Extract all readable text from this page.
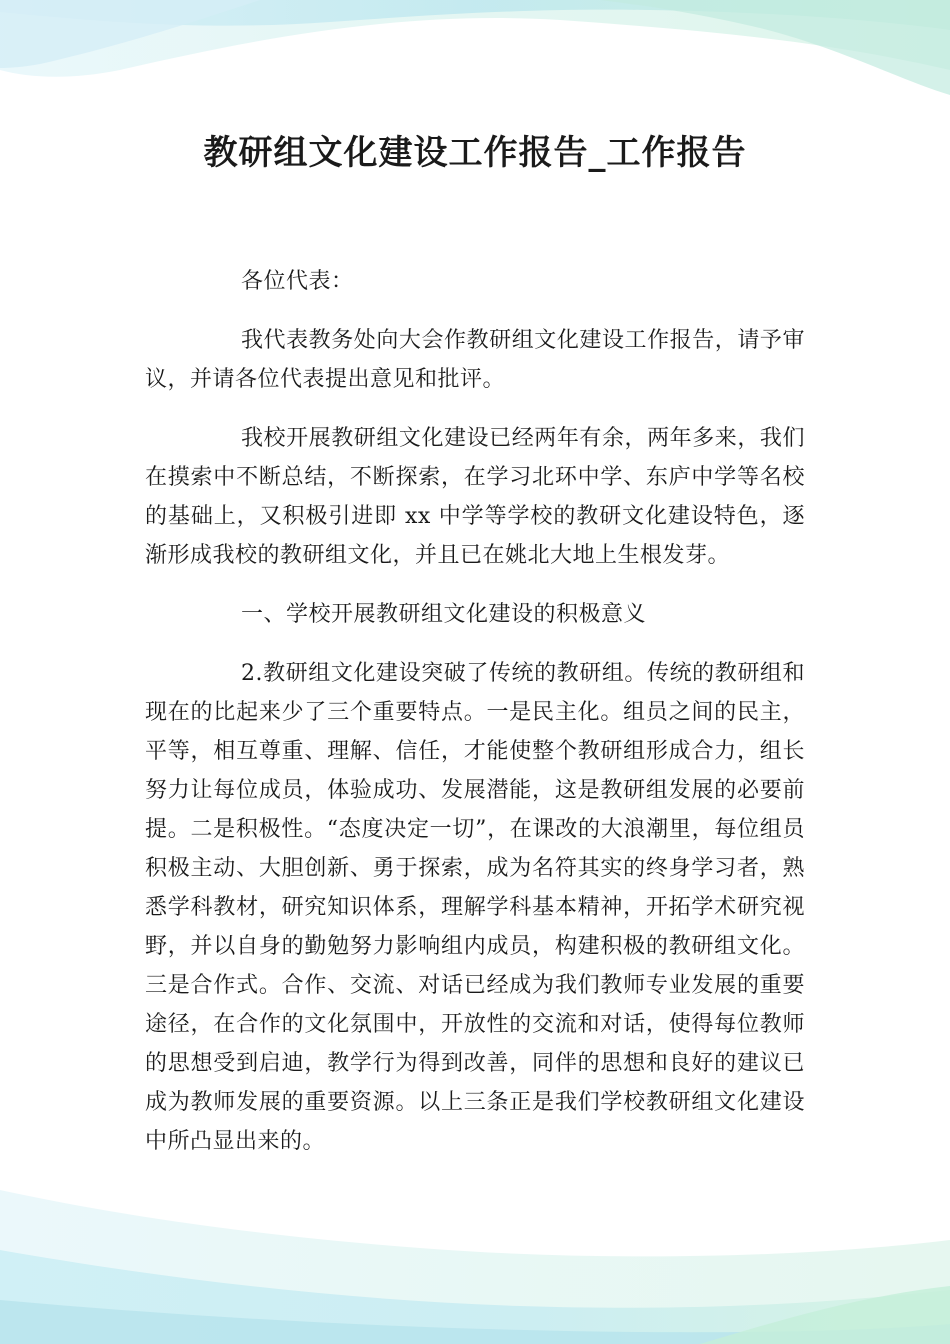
教研组文化建设工作报告_工作报告

各位代表：

我代表教务处向大会作教研组文化建设工作报告，请予审议，并请各位代表提出意见和批评。

我校开展教研组文化建设已经两年有余，两年多来，我们在摸索中不断总结，不断探索，在学习北环中学、东庐中学等名校的基础上，又积极引进即 xx 中学等学校的教研文化建设特色，逐渐形成我校的教研组文化，并且已在姚北大地上生根发芽。

一、学校开展教研组文化建设的积极意义

2.教研组文化建设突破了传统的教研组。传统的教研组和现在的比起来少了三个重要特点。一是民主化。组员之间的民主，平等，相互尊重、理解、信任，才能使整个教研组形成合力，组长努力让每位成员，体验成功、发展潜能，这是教研组发展的必要前提。二是积极性。“态度决定一切”，在课改的大浪潮里，每位组员积极主动、大胆创新、勇于探索，成为名符其实的终身学习者，熟悉学科教材，研究知识体系，理解学科基本精神，开拓学术研究视野，并以自身的勤勉努力影响组内成员，构建积极的教研组文化。三是合作式。合作、交流、对话已经成为我们教师专业发展的重要途径，在合作的文化氛围中，开放性的交流和对话，使得每位教师的思想受到启迪，教学行为得到改善，同伴的思想和良好的建议已成为教师发展的重要资源。以上三条正是我们学校教研组文化建设中所凸显出来的。
